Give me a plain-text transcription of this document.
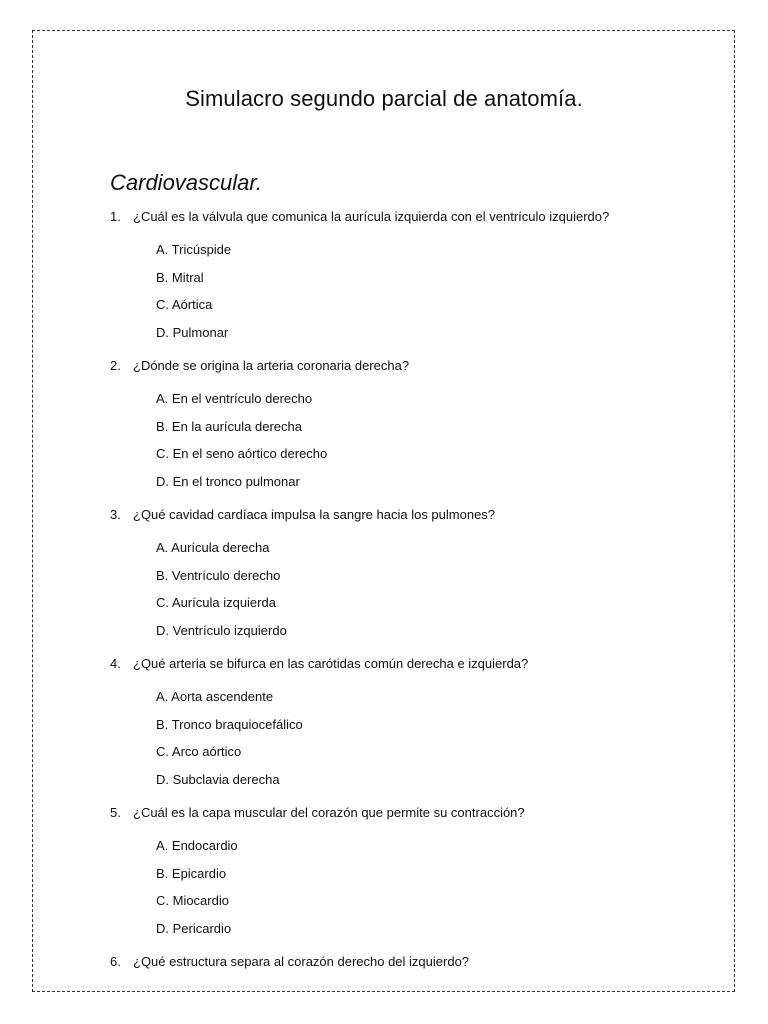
Simulacro segundo parcial de anatomía.
Cardiovascular.
1. ¿Cuál es la válvula que comunica la aurícula izquierda con el ventrículo izquierdo?
A. Tricúspide
B. Mitral
C. Aórtica
D. Pulmonar
2. ¿Dónde se origina la arteria coronaria derecha?
A. En el ventrículo derecho
B. En la aurícula derecha
C. En el seno aórtico derecho
D. En el tronco pulmonar
3. ¿Qué cavidad cardíaca impulsa la sangre hacia los pulmones?
A. Aurícula derecha
B. Ventrículo derecho
C. Aurícula izquierda
D. Ventrículo izquierdo
4. ¿Qué arteria se bifurca en las carótidas común derecha e izquierda?
A. Aorta ascendente
B. Tronco braquiocefálico
C. Arco aórtico
D. Subclavia derecha
5. ¿Cuál es la capa muscular del corazón que permite su contracción?
A. Endocardio
B. Epicardio
C. Miocardio
D. Pericardio
6. ¿Qué estructura separa al corazón derecho del izquierdo?
